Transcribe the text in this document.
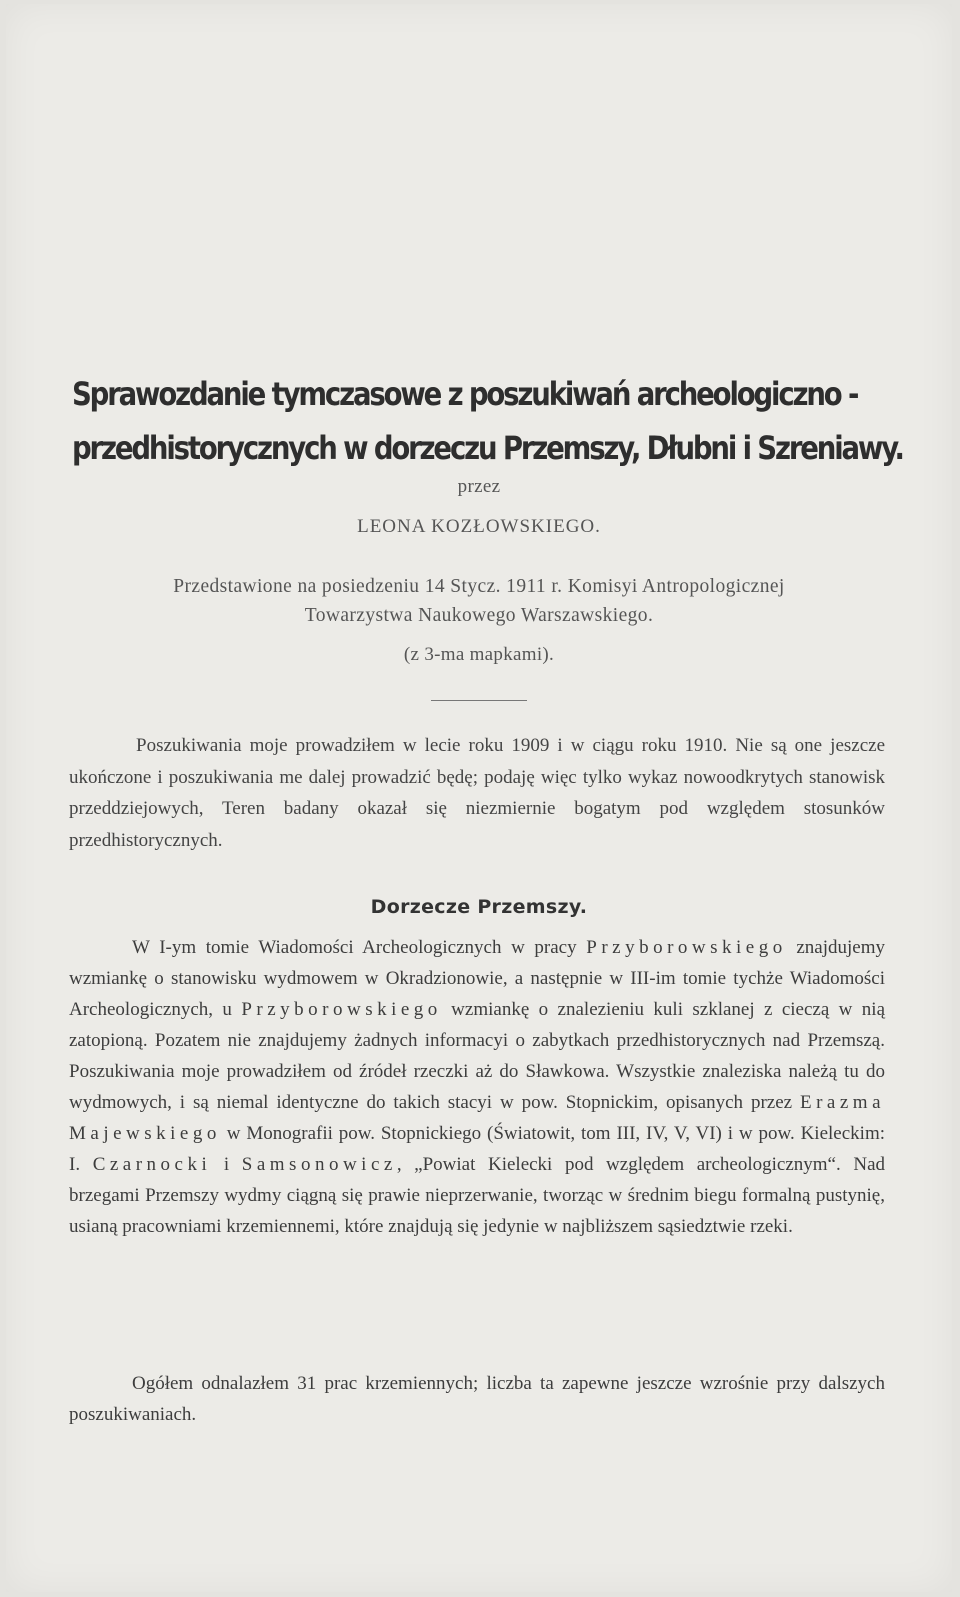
Sprawozdanie tymczasowe z poszukiwań archeologiczno -
przedhistorycznych w dorzeczu Przemszy, Dłubni i Szreniawy.
przez
LEONA KOZŁOWSKIEGO.
Przedstawione na posiedzeniu 14 Stycz. 1911 r. Komisyi Antropologicznej
Towarzystwa Naukowego Warszawskiego.
(z 3-ma mapkami).
Poszukiwania moje prowadziłem w lecie roku 1909 i w ciągu roku 1910. Nie są one jeszcze ukończone i poszukiwania me dalej prowadzić będę; podaję więc tylko wykaz nowoodkrytych stanowisk przeddziejowych, Teren badany okazał się niezmiernie bogatym pod względem stosunków przedhistorycznych.
Dorzecze Przemszy.
W I-ym tomie Wiadomości Archeologicznych w pracy Przyborowskiego znajdujemy wzmiankę o stanowisku wydmowem w Okradzionowie, a następnie w III-im tomie tychże Wiadomości Archeologicznych, u Przyborowskiego wzmiankę o znalezieniu kuli szklanej z cieczą w nią zatopioną. Pozatem nie znajdujemy żadnych informacyi o zabytkach przedhistorycznych nad Przemszą. Poszukiwania moje prowadziłem od źródeł rzeczki aż do Sławkowa. Wszystkie znaleziska należą tu do wydmowych, i są niemal identyczne do takich stacyi w pow. Stopnickim, opisanych przez Erazma Majewskiego w Monografii pow. Stopnickiego (Światowit, tom III, IV, V, VI) i w pow. Kieleckim: I. Czarnocki i Samsonowicz, „Powiat Kielecki pod względem archeologicznym“. Nad brzegami Przemszy wydmy ciągną się prawie nieprzerwanie, tworząc w średnim biegu formalną pustynię, usianą pracowniami krzemiennemi, które znajdują się jedynie w najbliższem sąsiedztwie rzeki.
Ogółem odnalazłem 31 prac krzemiennych; liczba ta zapewne jeszcze wzrośnie przy dalszych poszukiwaniach.
